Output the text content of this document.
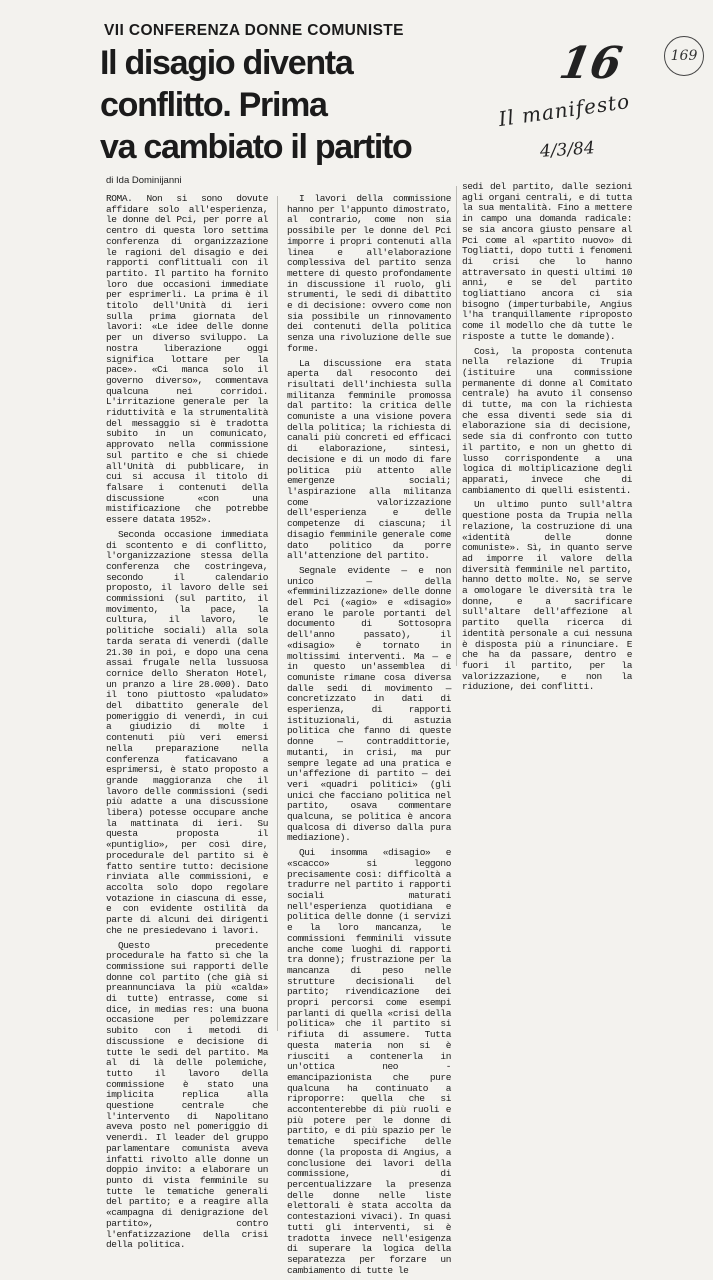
VII CONFERENZA DONNE COMUNISTE
Il disagio diventa
conflitto. Prima
va cambiato il partito
di Ida Dominijanni
16
Il manifesto
4/3/84
169

ROMA. Non si sono dovute affidare solo all'esperienza, le donne del Pci, per porre al centro di questa loro settima conferenza di organizzazione le ragioni del disagio e dei rapporti conflittuali con il partito. Il partito ha fornito loro due occasioni immediate per esprimerli. La prima è il titolo dell'Unità di ieri sulla prima giornata del lavori: «Le idee delle donne per un diverso sviluppo. La nostra liberazione oggi significa lottare per la pace». «Ci manca solo il governo diverso», commentava qualcuna nei corridoi. L'irritazione generale per la riduttività e la strumentalità del messaggio si è tradotta subito in un comunicato, approvato nella commissione sul partito e che si chiede all'Unità di pubblicare, in cui si accusa il titolo di falsare i contenuti della discussione «con una mistificazione che potrebbe essere datata 1952».

Seconda occasione immediata di scontento e di conflitto, l'organizzazione stessa della conferenza che costringeva, secondo il calendario proposto, il lavoro delle sei commissioni (sul partito, il movimento, la pace, la cultura, il lavoro, le politiche sociali) alla sola tarda serata di venerdì (dalle 21.30 in poi, e dopo una cena assai frugale nella lussuosa cornice dello Sheraton Hotel, un pranzo a lire 28.000). Dato il tono piuttosto «paludato» del dibattito generale del pomeriggio di venerdì, in cui a giudizio di molte i contenuti più veri emersi nella preparazione nella conferenza faticavano a esprimersi, è stato proposto a grande maggioranza che il lavoro delle commissioni (sedi più adatte a una discussione libera) potesse occupare anche la mattinata di ieri. Su questa proposta il «puntiglio», per così dire, procedurale del partito si è fatto sentire tutto: decisione rinviata alle commissioni, e accolta solo dopo regolare votazione in ciascuna di esse, e con evidente ostilità da parte di alcuni dei dirigenti che ne presiedevano i lavori.

Questo precedente procedurale ha fatto sì che la commissione sui rapporti delle donne col partito (che già si preannunciava la più «calda» di tutte) entrasse, come si dice, in medias res: una buona occasione per polemizzare subito con i metodi di discussione e decisione di tutte le sedi del partito. Ma al di là delle polemiche, tutto il lavoro della commissione è stato una implicita replica alla questione centrale che l'intervento di Napolitano aveva posto nel pomeriggio di venerdì. Il leader del gruppo parlamentare comunista aveva infatti rivolto alle donne un doppio invito: a elaborare un punto di vista femminile su tutte le tematiche generali del partito; e a reagire alla «campagna di denigrazione del partito», contro l'enfatizzazione della crisi della politica.

I lavori della commissione hanno per l'appunto dimostrato, al contrario, come non sia possibile per le donne del Pci imporre i propri contenuti alla linea e all'elaborazione complessiva del partito senza mettere di questo profondamente in discussione il ruolo, gli strumenti, le sedi di dibattito e di decisione: ovvero come non sia possibile un rinnovamento dei contenuti della politica senza una rivoluzione delle sue forme.

La discussione era stata aperta dal resoconto dei risultati dell'inchiesta sulla militanza femminile promossa dal partito: la critica delle comuniste a una visione povera della politica; la richiesta di canali più concreti ed efficaci di elaborazione, sintesi, decisione e di un modo di fare politica più attento alle emergenze sociali; l'aspirazione alla militanza come valorizzazione dell'esperienza e delle competenze di ciascuna; il disagio femminile generale come dato politico da porre all'attenzione del partito.

Segnale evidente — e non unico — della «femminilizzazione» delle donne del Pci («agio» e «disagio» erano le parole portanti del documento di Sottosopra dell'anno passato), il «disagio» è tornato in moltissimi interventi. Ma — e in questo un'assemblea di comuniste rimane cosa diversa dalle sedi di movimento — concretizzato in dati di esperienza, di rapporti istituzionali, di astuzia politica che fanno di queste donne — contraddittorie, mutanti, in crisi, ma pur sempre legate ad una pratica e un'affezione di partito — dei veri «quadri politici» (gli unici che facciano politica nel partito, osava commentare qualcuna, se politica è ancora qualcosa di diverso dalla pura mediazione).

Qui insomma «disagio» e «scacco» si leggono precisamente così: difficoltà a tradurre nel partito i rapporti sociali maturati nell'esperienza quotidiana e politica delle donne (i servizi e la loro mancanza, le commissioni femminili vissute anche come luoghi di rapporti tra donne); frustrazione per la mancanza di peso nelle strutture decisionali del partito; rivendicazione dei propri percorsi come esempi parlanti di quella «crisi della politica» che il partito si rifiuta di assumere. Tutta questa materia non si è riusciti a contenerla in un'ottica neo - emancipazionista che pure qualcuna ha continuato a riproporre: quella che si accontenterebbe di più ruoli e più potere per le donne di partito, e di più spazio per le tematiche specifiche delle donne (la proposta di Angius, a conclusione dei lavori della commissione, di percentualizzare la presenza delle donne nelle liste elettorali è stata accolta da contestazioni vivaci). In quasi tutti gli interventi, si è tradotta invece nell'esigenza di superare la logica della separatezza per forzare un cambiamento di tutte le

sedi del partito, dalle sezioni agli organi centrali, e di tutta la sua mentalità. Fino a mettere in campo una domanda radicale: se sia ancora giusto pensare al Pci come al «partito nuovo» di Togliatti, dopo tutti i fenomeni di crisi che lo hanno attraversato in questi ultimi 10 anni, e se del partito togliattiano ancora ci sia bisogno (imperturbabile, Angius l'ha tranquillamente riproposto come il modello che dà tutte le risposte a tutte le domande).

Così, la proposta contenuta nella relazione di Trupia (istituire una commissione permanente di donne al Comitato centrale) ha avuto il consenso di tutte, ma con la richiesta che essa diventi sede sia di elaborazione sia di decisione, sede sia di confronto con tutto il partito, e non un ghetto di lusso corrispondente a una logica di moltiplicazione degli apparati, invece che di cambiamento di quelli esistenti.

Un ultimo punto sull'altra questione posta da Trupia nella relazione, la costruzione di una «identità delle donne comuniste». Sì, in quanto serve ad imporre il valore della diversità femminile nel partito, hanno detto molte. No, se serve a omologare le diversità tra le donne, e a sacrificare sull'altare dell'affezione al partito quella ricerca di identità personale a cui nessuna è disposta più a rinunciare. E che ha da passare, dentro e fuori il partito, per la valorizzazione, e non la riduzione, dei conflitti.
